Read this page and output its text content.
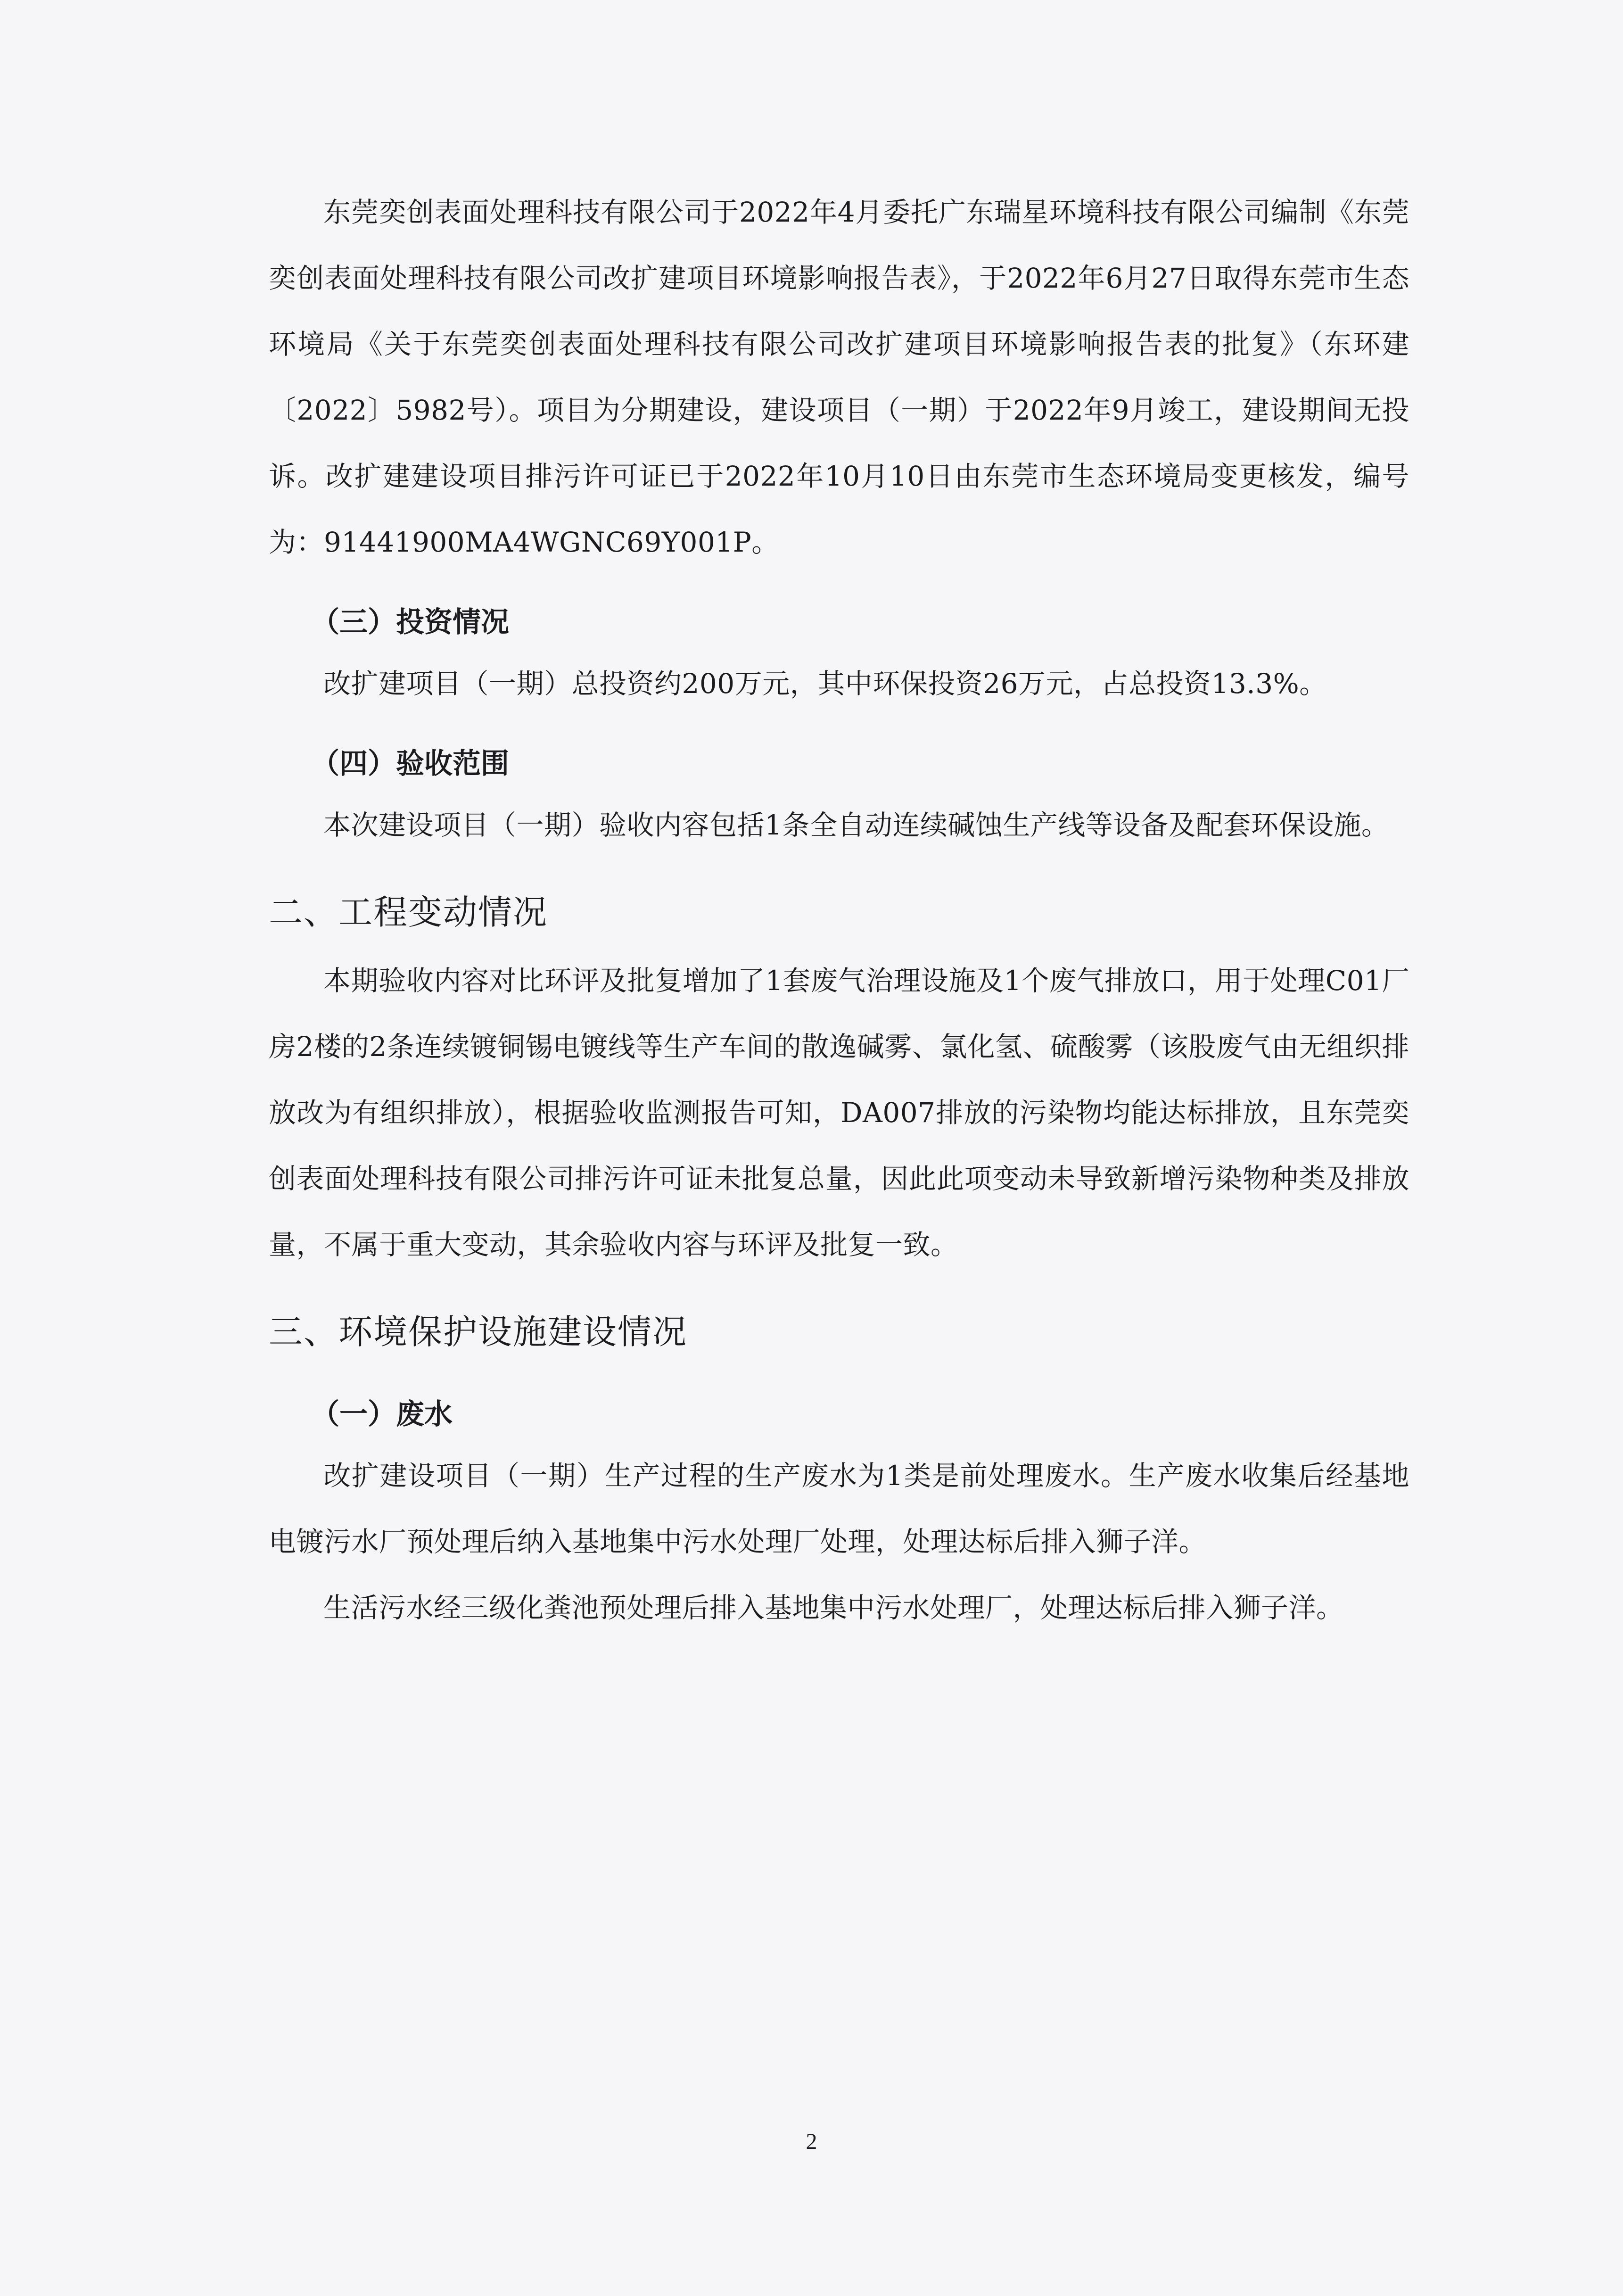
东莞奕创表面处理科技有限公司于2022年4月委托广东瑞星环境科技有限公司编制《东莞奕创表面处理科技有限公司改扩建项目环境影响报告表》，于2022年6月27日取得东莞市生态环境局《关于东莞奕创表面处理科技有限公司改扩建项目环境影响报告表的批复》（东环建〔2022〕5982号）。项目为分期建设，建设项目（一期）于2022年9月竣工，建设期间无投诉。改扩建建设项目排污许可证已于2022年10月10日由东莞市生态环境局变更核发，编号为：91441900MA4WGNC69Y001P。

（三）投资情况

改扩建项目（一期）总投资约200万元，其中环保投资26万元，占总投资13.3%。

（四）验收范围

本次建设项目（一期）验收内容包括1条全自动连续碱蚀生产线等设备及配套环保设施。

二、工程变动情况

本期验收内容对比环评及批复增加了1套废气治理设施及1个废气排放口，用于处理C01厂房2楼的2条连续镀铜锡电镀线等生产车间的散逸碱雾、氯化氢、硫酸雾（该股废气由无组织排放改为有组织排放），根据验收监测报告可知，DA007排放的污染物均能达标排放，且东莞奕创表面处理科技有限公司排污许可证未批复总量，因此此项变动未导致新增污染物种类及排放量，不属于重大变动，其余验收内容与环评及批复一致。

三、环境保护设施建设情况
（一）废水

改扩建设项目（一期）生产过程的生产废水为1类是前处理废水。生产废水收集后经基地电镀污水厂预处理后纳入基地集中污水处理厂处理，处理达标后排入狮子洋。

生活污水经三级化粪池预处理后排入基地集中污水处理厂，处理达标后排入狮子洋。

2
